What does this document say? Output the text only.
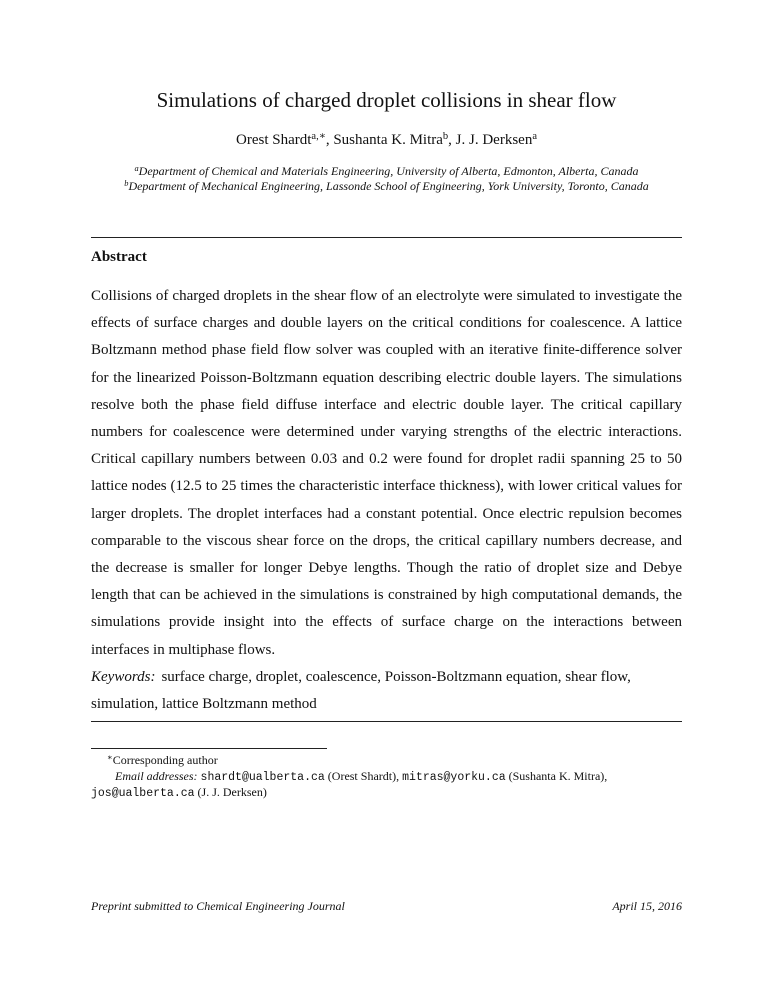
Simulations of charged droplet collisions in shear flow
Orest Shardt$^{a,∗}$, Sushanta K. Mitra$^b$, J. J. Derksen$^a$
$^a$Department of Chemical and Materials Engineering, University of Alberta, Edmonton, Alberta, Canada
$^b$Department of Mechanical Engineering, Lassonde School of Engineering, York University, Toronto, Canada
Abstract

Collisions of charged droplets in the shear flow of an electrolyte were simulated to investigate the effects of surface charges and double layers on the critical conditions for coalescence. A lattice Boltzmann method phase field flow solver was coupled with an iterative finite-difference solver for the linearized Poisson-Boltzmann equation describing electric double layers. The simulations resolve both the phase field diffuse interface and electric double layer. The critical capillary numbers for coalescence were determined under varying strengths of the electric interactions. Critical capillary numbers between 0.03 and 0.2 were found for droplet radii spanning 25 to 50 lattice nodes (12.5 to 25 times the characteristic interface thickness), with lower critical values for larger droplets. The droplet interfaces had a constant potential. Once electric repulsion becomes comparable to the viscous shear force on the drops, the critical capillary numbers decrease, and the decrease is smaller for longer Debye lengths. Though the ratio of droplet size and Debye length that can be achieved in the simulations is constrained by high computational demands, the simulations provide insight into the effects of surface charge on the interactions between interfaces in multiphase flows.

Keywords: surface charge, droplet, coalescence, Poisson-Boltzmann equation, shear flow, simulation, lattice Boltzmann method
∗Corresponding author
Email addresses: shardt@ualberta.ca (Orest Shardt), mitras@yorku.ca (Sushanta K. Mitra),
jos@ualberta.ca (J. J. Derksen)
Preprint submitted to Chemical Engineering Journal	April 15, 2016
